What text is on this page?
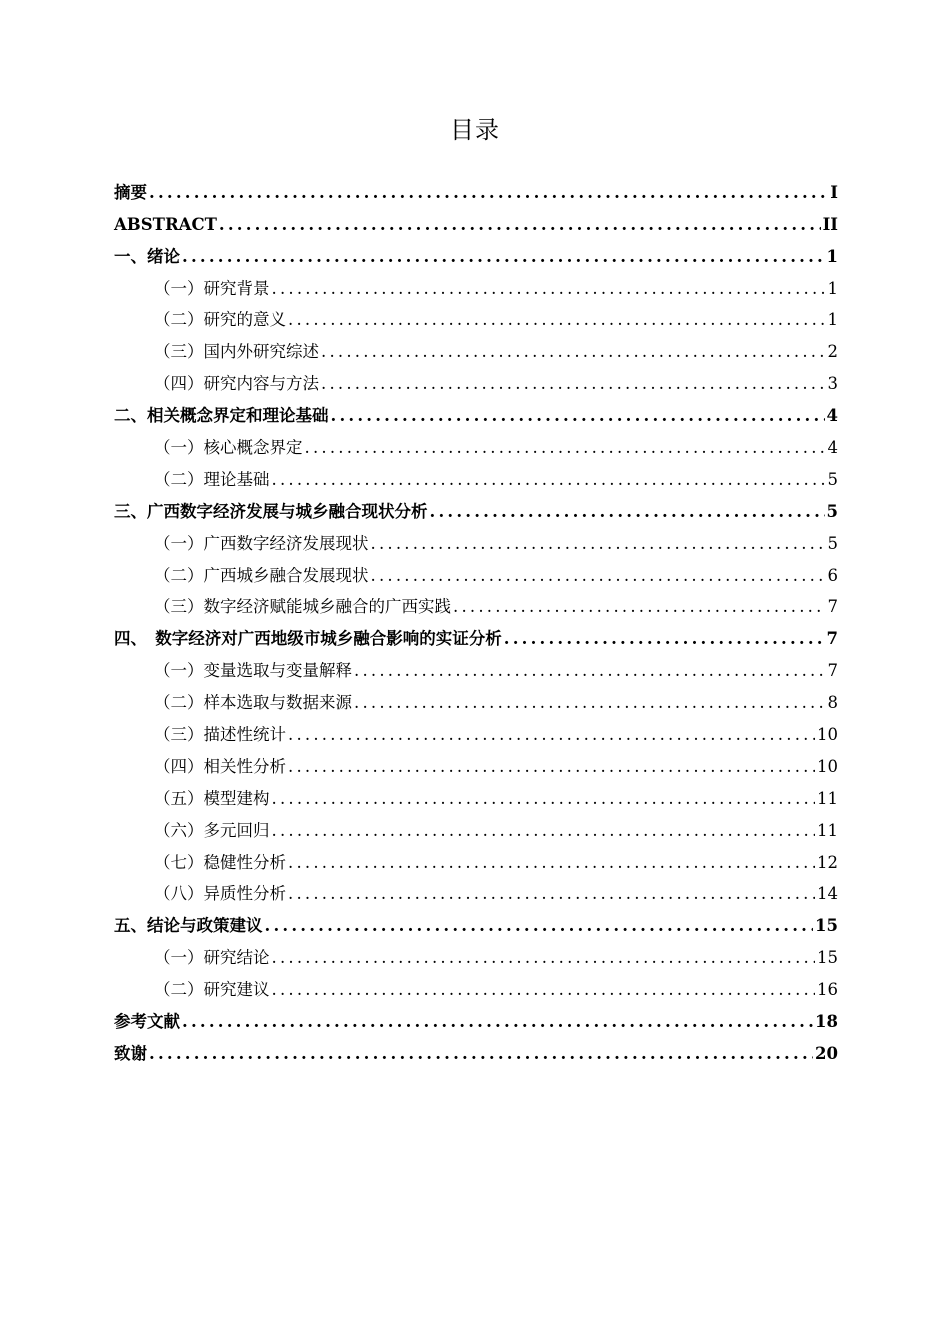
目录
摘要 .....	I
ABSTRACT .....	II
一、绪论 .....	1
（一） 研究背景 .....	1
（二） 研究的意义 .....	1
（三） 国内外研究综述 .....	2
（四） 研究内容与方法 .....	3
二、相关概念界定和理论基础 .....	4
（一） 核心概念界定 .....	4
（二） 理论基础 .....	5
三、广西数字经济发展与城乡融合现状分析 .....	5
（一） 广西数字经济发展现状 .....	5
（二） 广西城乡融合发展现状 .....	6
（三） 数字经济赋能城乡融合的广西实践 .....	7
四、　数字经济对广西地级市城乡融合影响的实证分析 .....	7
（一） 变量选取与变量解释 .....	7
（二） 样本选取与数据来源 .....	8
（三） 描述性统计 .....	10
（四） 相关性分析 .....	10
（五） 模型建构 .....	11
（六） 多元回归 .....	11
（七） 稳健性分析 .....	12
（八） 异质性分析 .....	14
五、结论与政策建议 .....	15
（一） 研究结论 .....	15
（二） 研究建议 .....	16
参考文献 .....	18
致谢 .....	20
